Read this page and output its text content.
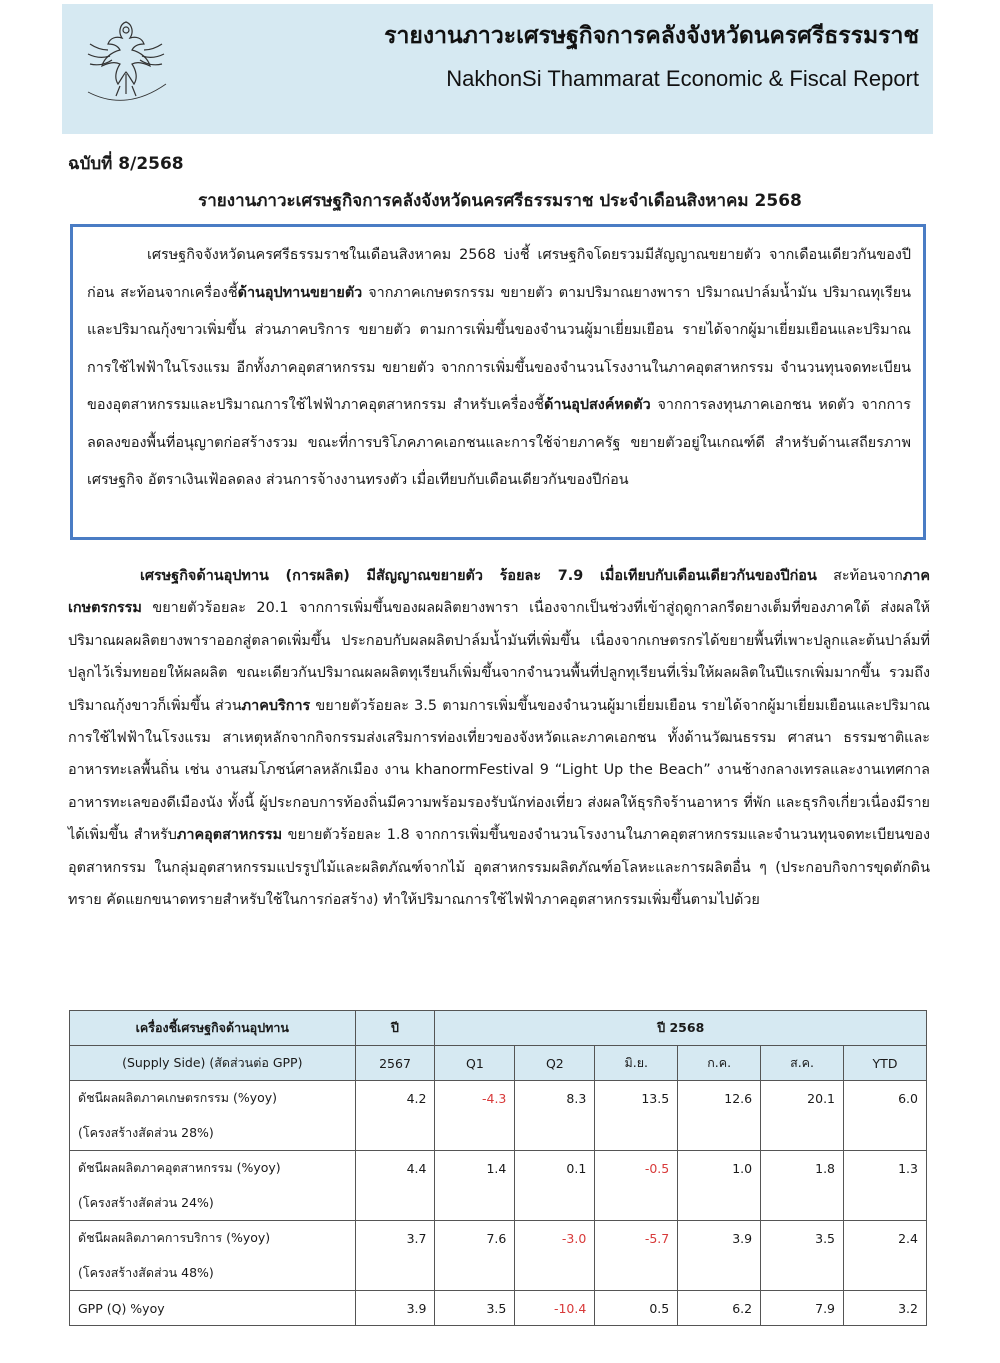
รายงานภาวะเศรษฐกิจการคลังจังหวัดนครศรีธรรมราช
NakhonSi Thammarat Economic & Fiscal Report
ฉบับที่ 8/2568
รายงานภาวะเศรษฐกิจการคลังจังหวัดนครศรีธรรมราช ประจำเดือนสิงหาคม 2568

เศรษฐกิจจังหวัดนครศรีธรรมราชในเดือนสิงหาคม 2568 บ่งชี้ เศรษฐกิจโดยรวมมีสัญญาณขยายตัว จากเดือนเดียวกันของปีก่อน สะท้อนจากเครื่องชี้ด้านอุปทานขยายตัว จากภาคเกษตรกรรม ขยายตัว ตามปริมาณยางพารา ปริมาณปาล์มน้ำมัน ปริมาณทุเรียนและปริมาณกุ้งขาวเพิ่มขึ้น ส่วนภาคบริการ ขยายตัว ตามการเพิ่มขึ้นของจำนวนผู้มาเยี่ยมเยือน รายได้จากผู้มาเยี่ยมเยือนและปริมาณการใช้ไฟฟ้าในโรงแรม อีกทั้งภาคอุตสาหกรรม ขยายตัว จากการเพิ่มขึ้นของจำนวนโรงงานในภาคอุตสาหกรรม จำนวนทุนจดทะเบียนของอุตสาหกรรมและปริมาณการใช้ไฟฟ้าภาคอุตสาหกรรม สำหรับเครื่องชี้ด้านอุปสงค์หดตัว จากการลงทุนภาคเอกชน หดตัว จากการลดลงของพื้นที่อนุญาตก่อสร้างรวม ขณะที่การบริโภคภาคเอกชนและการใช้จ่ายภาครัฐ ขยายตัวอยู่ในเกณฑ์ดี สำหรับด้านเสถียรภาพเศรษฐกิจ อัตราเงินเฟ้อลดลง ส่วนการจ้างงานทรงตัว เมื่อเทียบกับเดือนเดียวกันของปีก่อน

เศรษฐกิจด้านอุปทาน (การผลิต) มีสัญญาณขยายตัว ร้อยละ 7.9 เมื่อเทียบกับเดือนเดียวกันของปีก่อน สะท้อนจากภาคเกษตรกรรม ขยายตัวร้อยละ 20.1 จากการเพิ่มขึ้นของผลผลิตยางพารา เนื่องจากเป็นช่วงที่เข้าสู่ฤดูกาลกรีดยางเต็มที่ของภาคใต้ ส่งผลให้ปริมาณผลผลิตยางพาราออกสู่ตลาดเพิ่มขึ้น ประกอบกับผลผลิตปาล์มน้ำมันที่เพิ่มขึ้น เนื่องจากเกษตรกรได้ขยายพื้นที่เพาะปลูกและต้นปาล์มที่ปลูกไว้เริ่มทยอยให้ผลผลิต ขณะเดียวกันปริมาณผลผลิตทุเรียนก็เพิ่มขึ้นจากจำนวนพื้นที่ปลูกทุเรียนที่เริ่มให้ผลผลิตในปีแรกเพิ่มมากขึ้น รวมถึงปริมาณกุ้งขาวก็เพิ่มขึ้น ส่วนภาคบริการ ขยายตัวร้อยละ 3.5 ตามการเพิ่มขึ้นของจำนวนผู้มาเยี่ยมเยือน รายได้จากผู้มาเยี่ยมเยือนและปริมาณการใช้ไฟฟ้าในโรงแรม สาเหตุหลักจากกิจกรรมส่งเสริมการท่องเที่ยวของจังหวัดและภาคเอกชน ทั้งด้านวัฒนธรรม ศาสนา ธรรมชาติและอาหารทะเลพื้นถิ่น เช่น งานสมโภชน์ศาลหลักเมือง งาน khanormFestival 9 “Light Up the Beach” งานช้างกลางเทรลและงานเทศกาลอาหารทะเลของดีเมืองนัง ทั้งนี้ ผู้ประกอบการท้องถิ่นมีความพร้อมรองรับนักท่องเที่ยว ส่งผลให้ธุรกิจร้านอาหาร ที่พัก และธุรกิจเกี่ยวเนื่องมีรายได้เพิ่มขึ้น สำหรับภาคอุตสาหกรรม ขยายตัวร้อยละ 1.8 จากการเพิ่มขึ้นของจำนวนโรงงานในภาคอุตสาหกรรมและจำนวนทุนจดทะเบียนของอุตสาหกรรม ในกลุ่มอุตสาหกรรมแปรรูปไม้และผลิตภัณฑ์จากไม้ อุตสาหกรรมผลิตภัณฑ์อโลหะและการผลิตอื่น ๆ (ประกอบกิจการขุดตักดิน ทราย คัดแยกขนาดทรายสำหรับใช้ในการก่อสร้าง) ทำให้ปริมาณการใช้ไฟฟ้าภาคอุตสาหกรรมเพิ่มขึ้นตามไปด้วย

เครื่องชี้เศรษฐกิจด้านอุปทาน	ปี	ปี 2568					
(Supply Side) (สัดส่วนต่อ GPP)	2567	Q1	Q2	มิ.ย.	ก.ค.	ส.ค.	YTD
ดัชนีผลผลิตภาคเกษตรกรรม (%yoy)	4.2	-4.3	8.3	13.5	12.6	20.1	6.0
(โครงสร้างสัดส่วน 28%)							
ดัชนีผลผลิตภาคอุตสาหกรรม (%yoy)	4.4	1.4	0.1	-0.5	1.0	1.8	1.3
(โครงสร้างสัดส่วน 24%)							
ดัชนีผลผลิตภาคการบริการ (%yoy)	3.7	7.6	-3.0	-5.7	3.9	3.5	2.4
(โครงสร้างสัดส่วน 48%)							
GPP (Q) %yoy	3.9	3.5	-10.4	0.5	6.2	7.9	3.2
